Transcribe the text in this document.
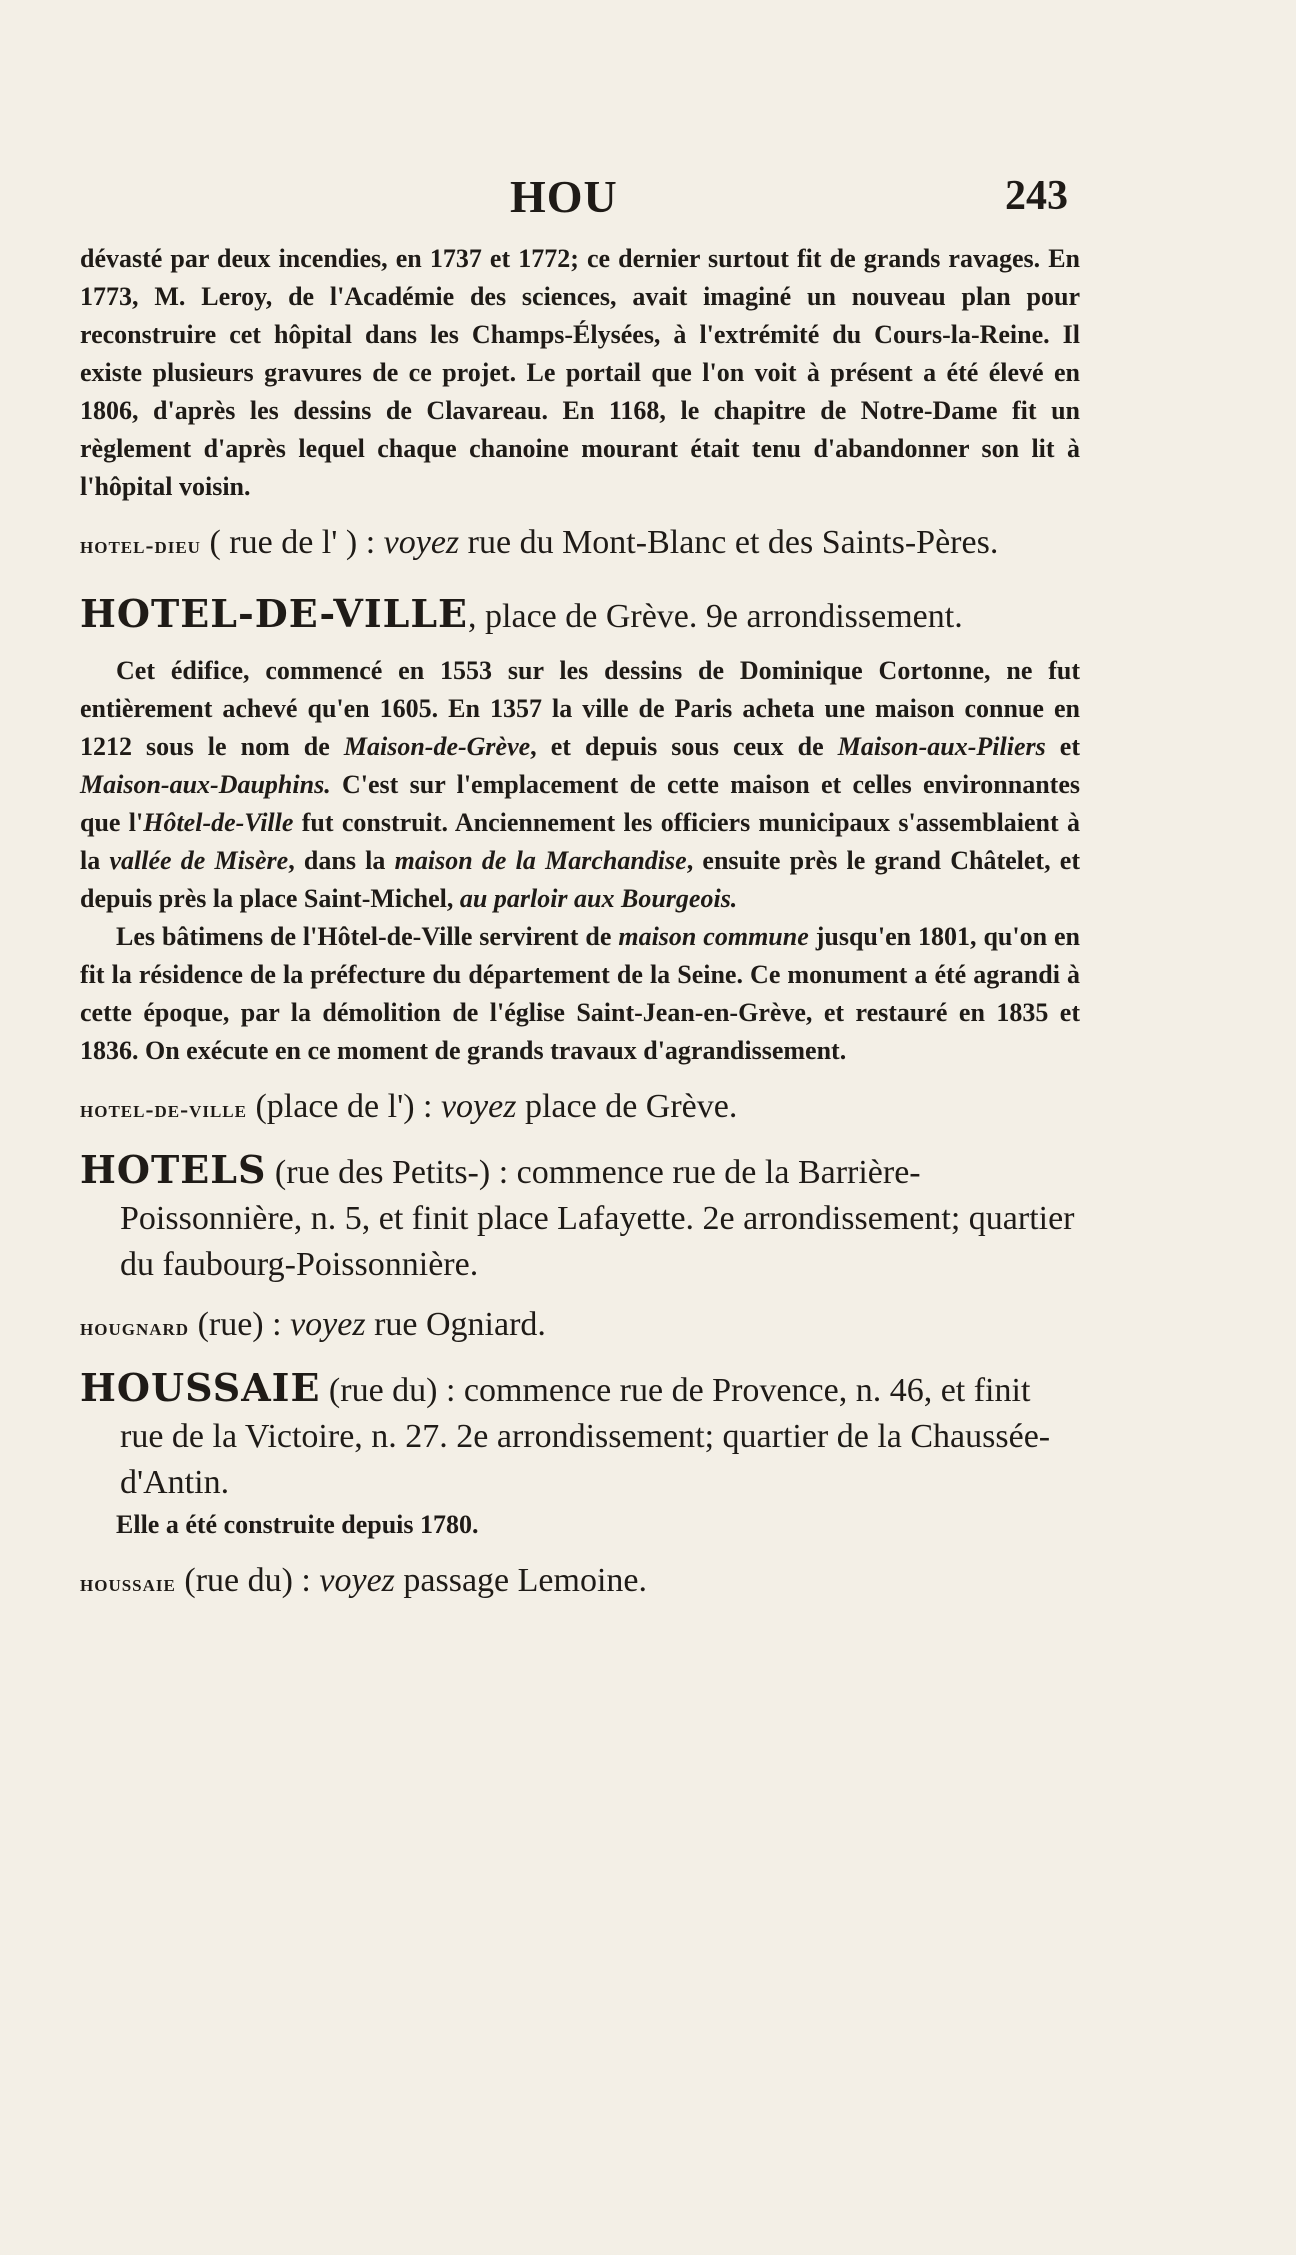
HOU	243

dévasté par deux incendies, en 1737 et 1772; ce dernier surtout fit de grands ravages. En 1773, M. Leroy, de l'Académie des sciences, avait imaginé un nouveau plan pour reconstruire cet hôpital dans les Champs-Élysées, à l'extrémité du Cours-la-Reine. Il existe plusieurs gravures de ce projet. Le portail que l'on voit à présent a été élevé en 1806, d'après les dessins de Clavareau. En 1168, le chapitre de Notre-Dame fit un règlement d'après lequel chaque chanoine mourant était tenu d'abandonner son lit à l'hôpital voisin.

hotel-dieu ( rue de l' ) : voyez rue du Mont-Blanc et des Saints-Pères.

HOTEL-DE-VILLE, place de Grève. 9e arrondissement.

Cet édifice, commencé en 1553 sur les dessins de Dominique Cortonne, ne fut entièrement achevé qu'en 1605. En 1357 la ville de Paris acheta une maison connue en 1212 sous le nom de Maison-de-Grève, et depuis sous ceux de Maison-aux-Piliers et Maison-aux-Dauphins. C'est sur l'emplacement de cette maison et celles environnantes que l'Hôtel-de-Ville fut construit. Anciennement les officiers municipaux s'assemblaient à la vallée de Misère, dans la maison de la Marchandise, ensuite près le grand Châtelet, et depuis près la place Saint-Michel, au parloir aux Bourgeois.

Les bâtimens de l'Hôtel-de-Ville servirent de maison commune jusqu'en 1801, qu'on en fit la résidence de la préfecture du département de la Seine. Ce monument a été agrandi à cette époque, par la démolition de l'église Saint-Jean-en-Grève, et restauré en 1835 et 1836. On exécute en ce moment de grands travaux d'agrandissement.

hotel-de-ville (place de l') : voyez place de Grève.

HOTELS (rue des Petits-) : commence rue de la Barrière-Poissonnière, n. 5, et finit place Lafayette. 2e arrondissement; quartier du faubourg-Poissonnière.

hougnard (rue) : voyez rue Ogniard.

HOUSSAIE (rue du) : commence rue de Provence, n. 46, et finit rue de la Victoire, n. 27. 2e arrondissement; quartier de la Chaussée-d'Antin.

Elle a été construite depuis 1780.

houssaie (rue du) : voyez passage Lemoine.
